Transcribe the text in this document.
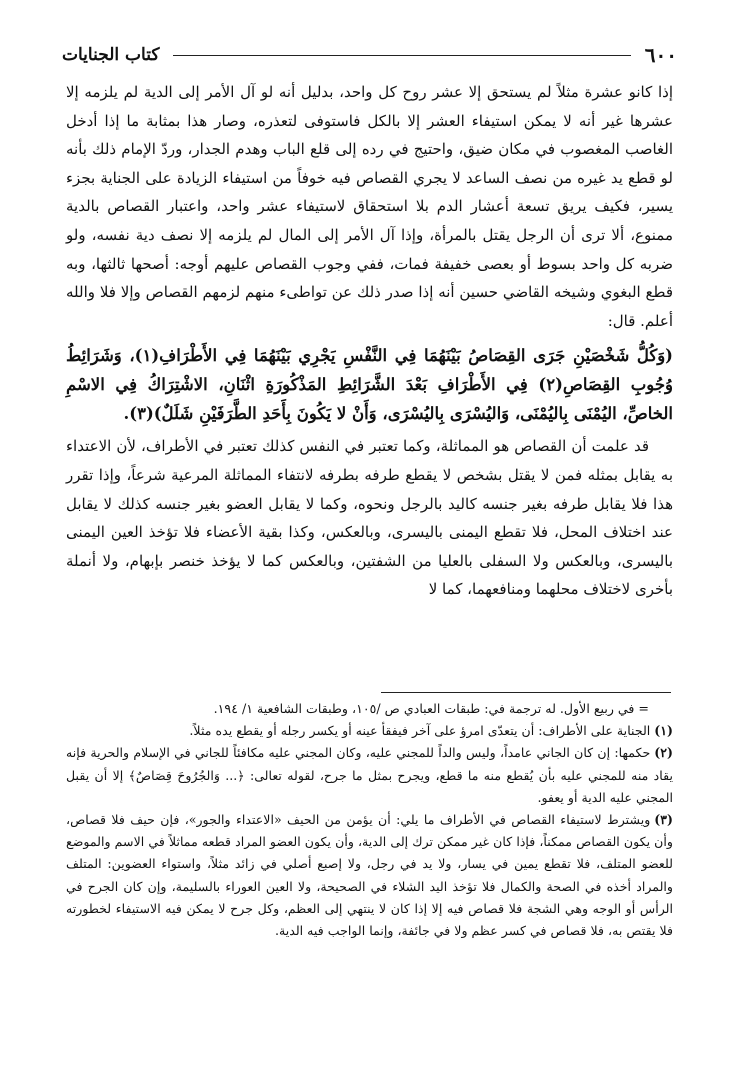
٦٠٠
كتاب الجنايات

إذا كانو عشرة مثلاً لم يستحق إلا عشر روح كل واحد، بدليل أنه لو آل الأمر إلى الدية لم يلزمه إلا عشرها غير أنه لا يمكن استيفاء العشر إلا بالكل فاستوفى لتعذره، وصار هذا بمثابة ما إذا أدخل الغاصب المغصوب في مكان ضيق، واحتيج في رده إلى قلع الباب وهدم الجدار، وردّ الإمام ذلك بأنه لو قطع يد غيره من نصف الساعد لا يجري القصاص فيه خوفاً من استيفاء الزيادة على الجناية بجزء يسير، فكيف يريق تسعة أعشار الدم بلا استحقاق لاستيفاء عشر واحد، واعتبار القصاص بالدية ممنوع، ألا ترى أن الرجل يقتل بالمرأة، وإذا آل الأمر إلى المال لم يلزمه إلا نصف دية نفسه، ولو ضربه كل واحد بسوط أو بعصى خفيفة فمات، ففي وجوب القصاص عليهم أوجه: أصحها ثالثها، وبه قطع البغوي وشيخه القاضي حسين أنه إذا صدر ذلك عن تواطىء منهم لزمهم القصاص وإلا فلا والله أعلم. قال:

(وَكُلُّ شَخْصَيْنِ جَرَى القِصَاصُ بَيْنَهُمَا فِي النَّفْسِ يَجْرِي بَيْنَهُمَا فِي الأَطْرَافِ(١)، وَشَرَائِطُ وُجُوبِ القِصَاصِ(٢) فِي الأَطْرَافِ بَعْدَ الشَّرَائِطِ المَذْكُورَةِ اثْنَانِ، الاشْتِرَاكُ فِي الاسْمِ الخاصِّ، اليُمْنَى بِاليُمْنَى، وَاليُسْرَى بِاليُسْرَى، وَأَنْ لا يَكُونَ بِأَحَدِ الطَّرَفَيْنِ شَلَلٌ)(٣).

قد علمت أن القصاص هو المماثلة، وكما تعتبر في النفس كذلك تعتبر في الأطراف، لأن الاعتداء به يقابل بمثله فمن لا يقتل بشخص لا يقطع طرفه بطرفه لانتفاء المماثلة المرعية شرعاً، وإذا تقرر هذا فلا يقابل طرفه بغير جنسه كاليد بالرجل ونحوه، وكما لا يقابل العضو بغير جنسه كذلك لا يقابل عند اختلاف المحل، فلا تقطع اليمنى باليسرى، وبالعكس، وكذا بقية الأعضاء فلا تؤخذ العين اليمنى باليسرى، وبالعكس ولا السفلى بالعليا من الشفتين، وبالعكس كما لا يؤخذ خنصر بإبهام، ولا أنملة بأخرى لاختلاف محلهما ومنافعهما، كما لا

= في ربيع الأول. له ترجمة في: طبقات العبادي ص /١٠٥، وطبقات الشافعية ١/ ١٩٤.

(١)الجناية على الأطراف: أن يتعدّى امرؤ على آخر فيفقأ عينه أو يكسر رجله أو يقطع يده مثلاً.

(٢)حكمها: إن كان الجاني عامداً، وليس والداً للمجني عليه، وكان المجني عليه مكافئاً للجاني في الإسلام والحرية فإنه يقاد منه للمجني عليه بأن يُقطع منه ما قطع، ويجرح بمثل ما جرح، لقوله تعالى: ﴿... وَالجُرُوحَ قِصَاصٌ﴾ إلا أن يقبل المجني عليه الدية أو يعفو.

(٣)ويشترط لاستيفاء القصاص في الأطراف ما يلي: أن يؤمن من الحيف «الاعتداء والجور»، فإن حيف فلا قصاص، وأن يكون القصاص ممكناً، فإذا كان غير ممكن ترك إلى الدية، وأن يكون العضو المراد قطعه مماثلاً في الاسم والموضع للعضو المتلف، فلا تقطع يمين في يسار، ولا يد في رجل، ولا إصبع أصلي في زائد مثلاً، واستواء العضوين: المتلف والمراد أخذه في الصحة والكمال فلا تؤخذ اليد الشلاء في الصحيحة، ولا العين العوراء بالسليمة، وإن كان الجرح في الرأس أو الوجه وهي الشجة فلا قصاص فيه إلا إذا كان لا ينتهي إلى العظم، وكل جرح لا يمكن فيه الاستيفاء لخطورته فلا يقتص به، فلا قصاص في كسر عظم ولا في جائفة، وإنما الواجب فيه الدية.
